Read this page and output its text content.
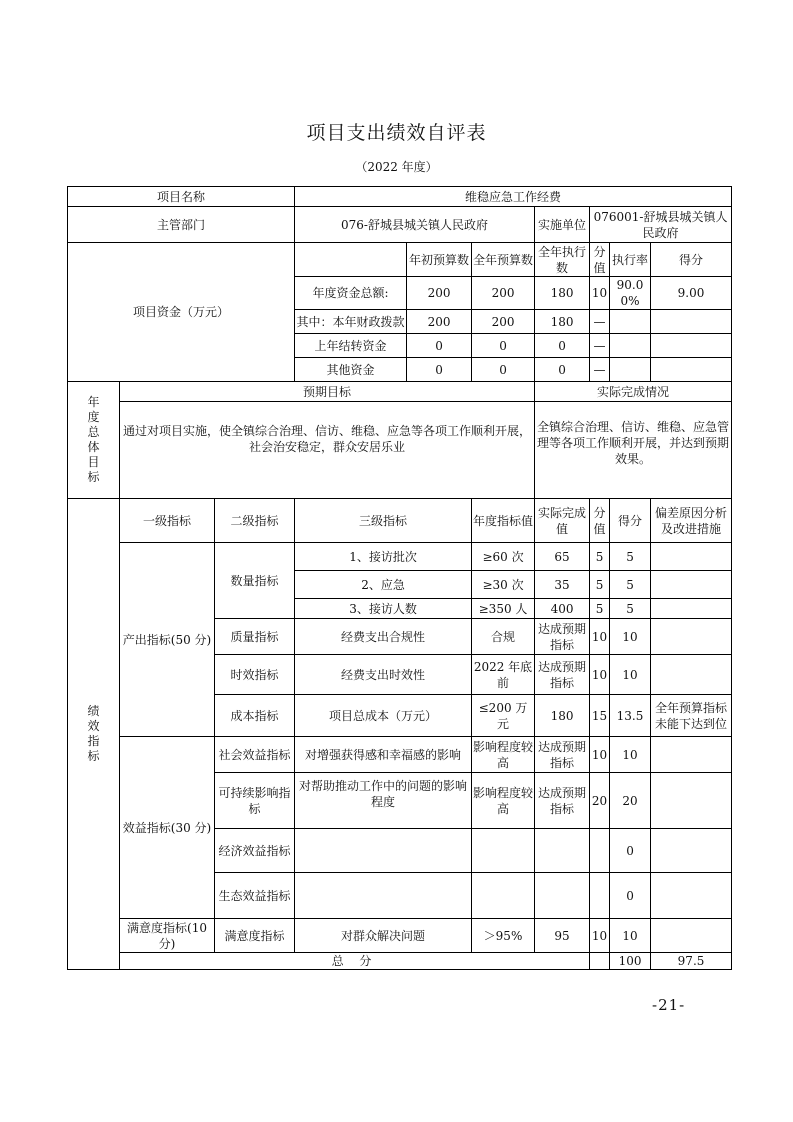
项目支出绩效自评表
（2022 年度）
项目名称			维稳应急工作经费							
主管部门			076-舒城县城关镇人民政府			实施单位	076001-舒城县城关镇人民政府			
项目资金（万元）				年初预算数	全年预算数	全年执行数	分值	执行率	得分	
			年度资金总额:	200	200	180	10	90.00%	9.00	
			其中：本年财政拨款	200	200	180	—			
			上年结转资金	0	0	0	—			
			其他资金	0	0	0	—			
年度总体目标	预期目标					实际完成情况				
	通过对项目实施，使全镇综合治理、信访、维稳、应急等各项工作顺利开展，社会治安稳定，群众安居乐业					全镇综合治理、信访、维稳、应急管理等各项工作顺利开展，并达到预期效果。				
绩效指标	一级指标	二级指标	三级指标		年度指标值	实际完成值	分值	得分	偏差原因分析及改进措施	
	产出指标(50 分)	数量指标	1、接访批次		≥60 次	65	5	5		
			2、应急		≥30 次	35	5	5		
			3、接访人数		≥350 人	400	5	5		
		质量指标	经费支出合规性		合规	达成预期指标	10	10		
		时效指标	经费支出时效性		2022 年底前	达成预期指标	10	10		
		成本指标	项目总成本（万元）		≤200 万元	180	15	13.5	全年预算指标未能下达到位	
	效益指标(30 分)	社会效益指标	对增强获得感和幸福感的影响		影响程度较高	达成预期指标	10	10		
		可持续影响指标	对帮助推动工作中的问题的影响程度		影响程度较高	达成预期指标	20	20		
		经济效益指标						0		
		生态效益指标						0		
	满意度指标(10分)	满意度指标	对群众解决问题		＞95%	95	10	10		
	总 分							100	97.5	
-21-
